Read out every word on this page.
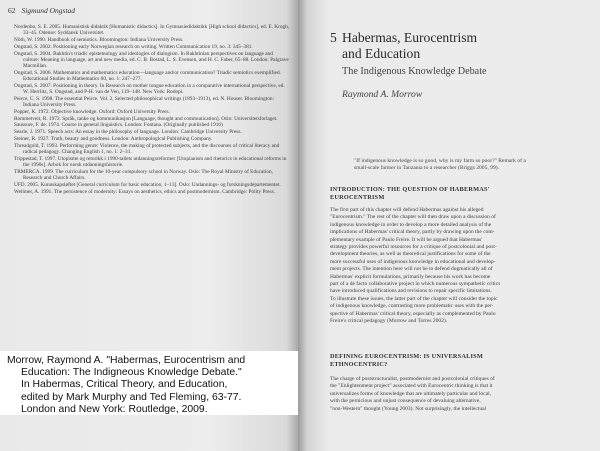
62 Sigmund Ongstad
Nordenbo, S. E. 2005. Humanistisk didaktik [Humanistic didactics]. In Gymnasiedidaktikk [High school didactics], ed. E. Krogh, 33–45. Odense: Syddansk Universitet.
Nöth, W. 1990. Handbook of semiotics. Bloomington: Indiana University Press.
Ongstad, S. 2002. Positioning early Norwegian research on writing. Written Communication 19, no. 3: 345–381.
Ongstad, S. 2004. Bakhtin's triadic epistemology and ideologies of dialogism. In Bakhtinian perspectives on language and culture: Meaning in language, art and new media, ed. C. B. Bostad, L. S. Evensen, and H. C. Faber, 65–88. London: Palgrave Macmillan.
Ongstad, S. 2006. Mathematics and mathematics education—language and/or communication? Triadic semiotics exemplified. Educational Studies in Mathematics 60, no. 1: 247–277.
Ongstad, S. 2007. Positioning in theory. In Research on mother tongue education in a comparative international perspective, ed. W. Herrlitz, S. Ongstad, and P-H. van de Ven, 119–148. New York: Rodopi.
Peirce, C. S. 1998. The essential Peirce. Vol. 2, Selected philosophical writings (1893–1913), ed. N. Houser. Bloomington: Indiana University Press.
Popper, K. 1972. Objective knowledge. Oxford: Oxford University Press.
Rommetveit, R. 1972. Språk, tanke og kommunikasjon [Language, thought and communication]. Oslo: Universitetsforlaget.
Saussure, F. de. 1974. Course in general linguistics. London: Fontana. (Originally published 1916)
Searle, J. 1971. Speech acts: An essay in the philosophy of language. London: Cambridge University Press.
Steiner, R. 1927. Truth, beauty and goodness. London: Anthropological Publishing Company.
Threadgold, T. 1993. Performing genre: Violence, the making of protected subjects, and the discourses of critical literacy and radical pedagogy. Changing English 1, no. 1: 2–31.
Trippestad, T. 1997. Utopisme og retorikk i 1990-tallets utdanningsreformer [Utopianism and rhetorics in educational reforms in the 1990s]. Arbok for norsk utdanningshistorie.
TRMERCA. 1999. The curriculum for the 10-year compulsory school in Norway. Oslo: The Royal Ministry of Education, Research and Church Affairs.
UFD. 2005. Kunnskapsløftet [General curriculum for basic education, 1–13]. Oslo: Undannings- og forskningsdepartementet.
Wellmer, A. 1991. The persistence of modernity: Essays on aesthetics, ethics and postmodernism. Cambridge: Polity Press.
Morrow, Raymond A. "Habermas, Eurocentrism and
Education: The Indigneous Knowledge Debate."
In Habermas, Critical Theory, and Education,
edited by Mark Murphy and Ted Fleming, 63-77.
London and New York: Routledge, 2009.
5 Habermas, Eurocentrism
and Education
The Indigenous Knowledge Debate
Raymond A. Morrow
"If indigenous knowledge is so good, why is my farm so poor?" Remark of a
small-scale farmer in Tanzania to a researcher (Briggs 2005, 99).
INTRODUCTION: THE QUESTION OF HABERMAS'
EUROCENTRISM
The first part of this chapter will defend Habermas against his alleged
"Eurocentrism." The rest of the chapter will then draw upon a discussion of
indigenous knowledge in order to develop a more detailed analysis of the
implications of Habermas' critical theory, partly by drawing upon the com-
plementary example of Paulo Freire. It will be argued that Habermas'
strategy provides powerful resources for a critique of postcolonial and post-
development theories, as well as theoretical justifications for some of the
more successful uses of indigenous knowledge in educational and develop-
ment projects. The intention here will not be to defend dogmatically all of
Habermas' explicit formulations, primarily because his work has become
part of a de facto collaborative project in which numerous sympathetic critics
have introduced qualifications and revisions to repair specific limitations.
To illustrate these issues, the latter part of the chapter will consider the topic
of indigenous knowledge, contrasting more problematic uses with the per-
spective of Habermas' critical theory, especially as complemented by Paulo
Freire's critical pedagogy (Morrow and Torres 2002).
DEFINING EUROCENTRISM: IS UNIVERSALISM
ETHNOCENTRIC?
The charge of poststructuralist, postmodernist and postcolonial critiques of
the "Enlightenment project" associated with Eurocentric thinking is that it
universalizes forms of knowledge that are ultimately particular and local,
with the pernicious and unjust consequence of devaluing alternative,
"non-Western" thought (Young 2003). Not surprisingly, the intellectual
